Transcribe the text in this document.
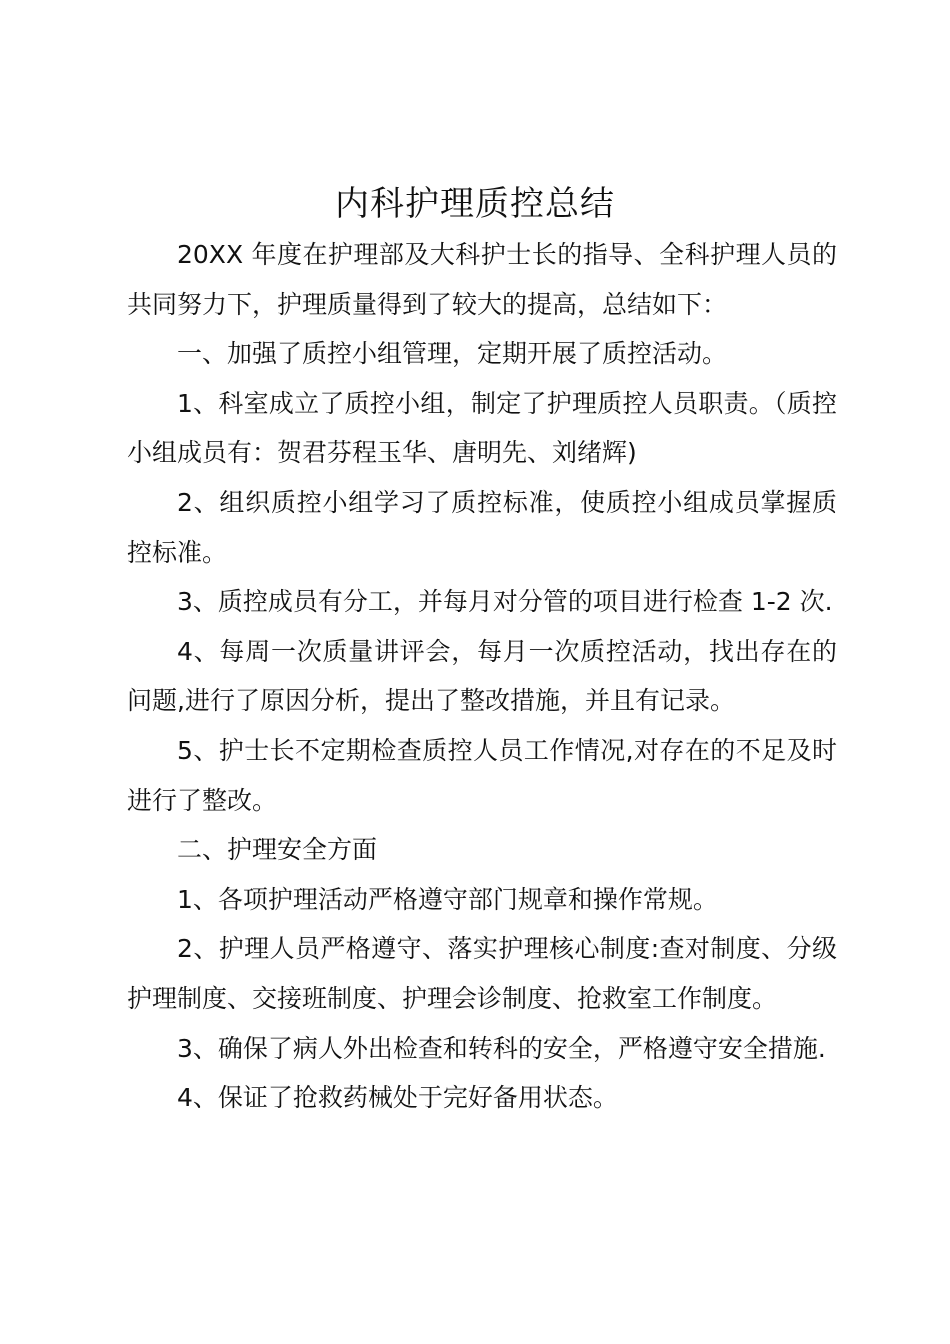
内科护理质控总结

20XX 年度在护理部及大科护士长的指导、全科护理人员的共同努力下，护理质量得到了较大的提高，总结如下：

一、加强了质控小组管理，定期开展了质控活动。

1、科室成立了质控小组，制定了护理质控人员职责。（质控小组成员有：贺君芬程玉华、唐明先、刘绪辉)

2、组织质控小组学习了质控标准，使质控小组成员掌握质控标准。

3、质控成员有分工，并每月对分管的项目进行检查 1-2 次.

4、每周一次质量讲评会，每月一次质控活动，找出存在的问题,进行了原因分析，提出了整改措施，并且有记录。

5、护士长不定期检查质控人员工作情况,对存在的不足及时进行了整改。

二、护理安全方面

1、各项护理活动严格遵守部门规章和操作常规。

2、护理人员严格遵守、落实护理核心制度:查对制度、分级护理制度、交接班制度、护理会诊制度、抢救室工作制度。

3、确保了病人外出检查和转科的安全，严格遵守安全措施.

4、保证了抢救药械处于完好备用状态。
